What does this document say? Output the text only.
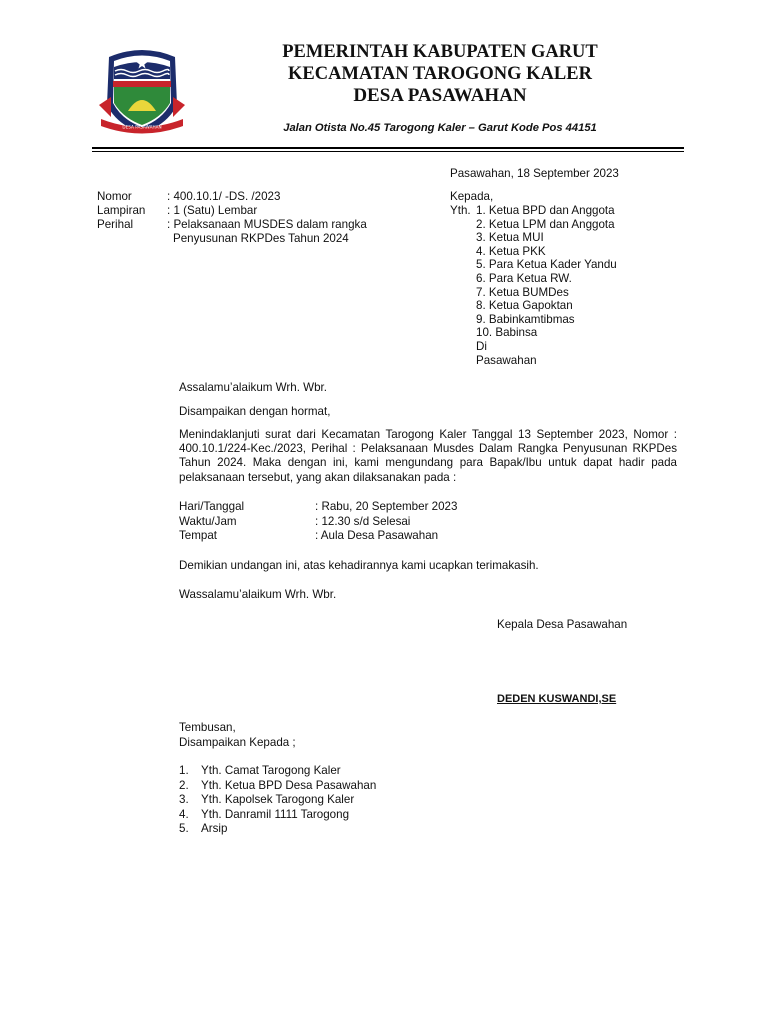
DESA PASAWAHAN
PEMERINTAH KABUPATEN GARUT
KECAMATAN TAROGONG KALER
DESA PASAWAHAN
Jalan Otista No.45 Tarogong Kaler – Garut Kode Pos 44151
Pasawahan, 18 September 2023
Nomor	: 400.10.1/ -DS. /2023
Lampiran : 1 (Satu) Lembar
Perihal	: Pelaksanaan MUSDES dalam rangka
Penyusunan RKPDes Tahun 2024
Kepada,
Yth. 1. Ketua BPD dan Anggota
2. Ketua LPM dan Anggota
3. Ketua MUI
4. Ketua PKK
5. Para Ketua Kader Yandu
6. Para Ketua RW.
7. Ketua BUMDes
8. Ketua Gapoktan
9. Babinkamtibmas
10. Babinsa
Di
Pasawahan
Assalamu’alaikum Wrh. Wbr.
Disampaikan dengan hormat,
Menindaklanjuti surat dari Kecamatan Tarogong Kaler Tanggal 13 September 2023, Nomor : 400.10.1/224-Kec./2023, Perihal : Pelaksanaan Musdes Dalam Rangka Penyusunan RKPDes Tahun 2024. Maka dengan ini, kami mengundang para Bapak/Ibu untuk dapat hadir pada pelaksanaan tersebut, yang akan dilaksanakan pada :
Hari/Tanggal	: Rabu, 20 September 2023
Waktu/Jam	: 12.30 s/d Selesai
Tempat	: Aula Desa Pasawahan
Demikian undangan ini, atas kehadirannya kami ucapkan terimakasih.
Wassalamu’alaikum Wrh. Wbr.
Kepala Desa Pasawahan
DEDEN KUSWANDI,SE
Tembusan,
Disampaikan Kepada ;
1. Yth. Camat Tarogong Kaler
2. Yth. Ketua BPD Desa Pasawahan
3. Yth. Kapolsek Tarogong Kaler
4. Yth. Danramil 1111 Tarogong
5. Arsip
